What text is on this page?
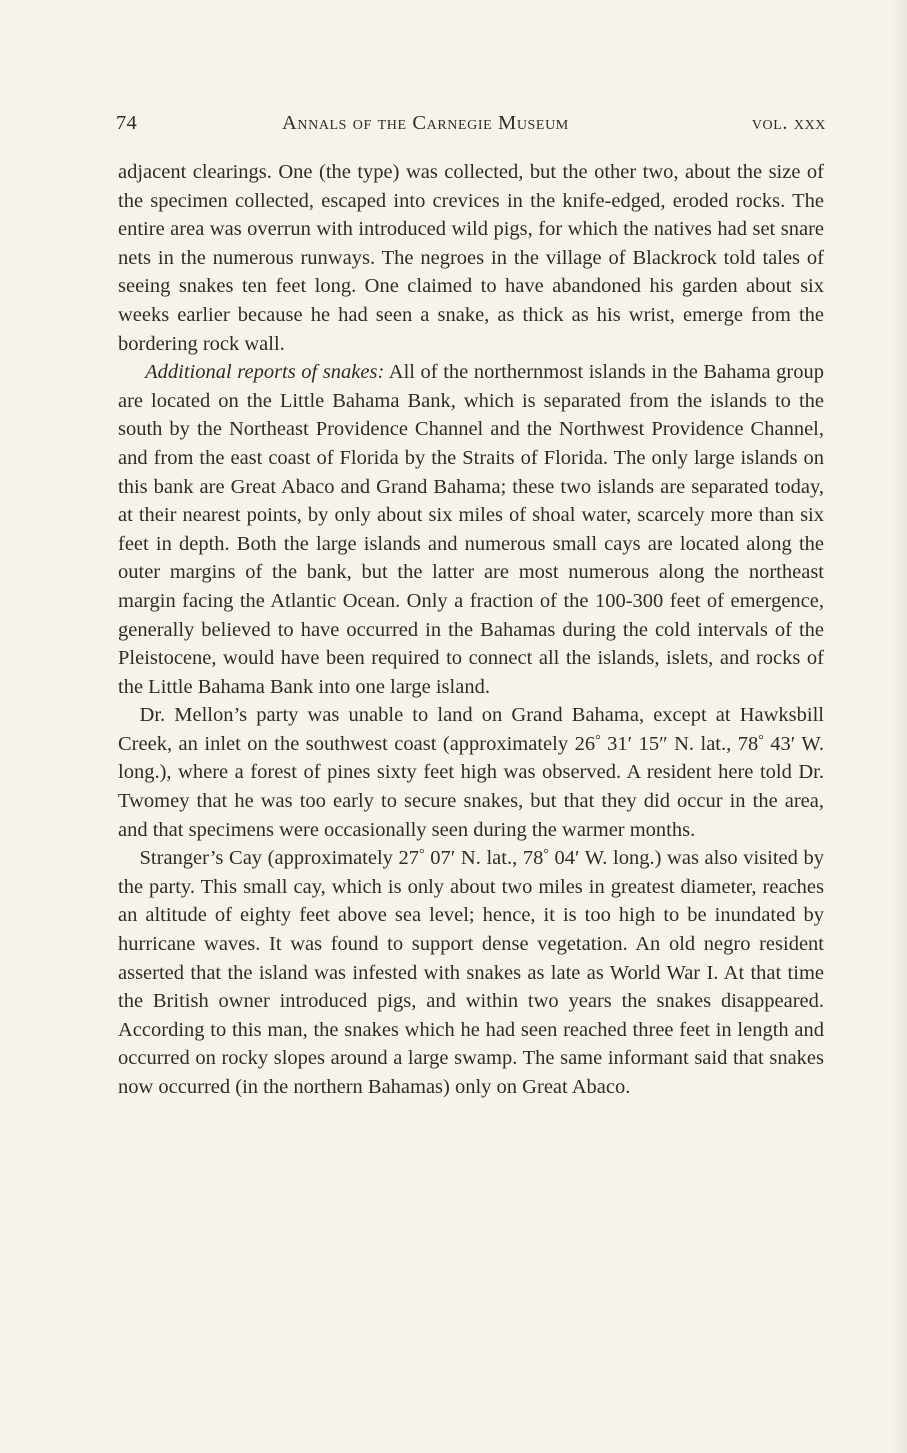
74	Annals of the Carnegie Museum	vol. xxx

adjacent clearings. One (the type) was collected, but the other two, about the size of the specimen collected, escaped into crevices in the knife-edged, eroded rocks. The entire area was overrun with introduced wild pigs, for which the natives had set snare nets in the numerous runways. The negroes in the village of Blackrock told tales of seeing snakes ten feet long. One claimed to have abandoned his garden about six weeks earlier because he had seen a snake, as thick as his wrist, emerge from the bordering rock wall.

Additional reports of snakes: All of the northernmost islands in the Bahama group are located on the Little Bahama Bank, which is separated from the islands to the south by the Northeast Providence Channel and the Northwest Providence Channel, and from the east coast of Florida by the Straits of Florida. The only large islands on this bank are Great Abaco and Grand Bahama; these two islands are separated today, at their nearest points, by only about six miles of shoal water, scarcely more than six feet in depth. Both the large islands and numerous small cays are located along the outer margins of the bank, but the latter are most numerous along the northeast margin facing the Atlantic Ocean. Only a fraction of the 100-300 feet of emergence, generally believed to have occurred in the Bahamas during the cold intervals of the Pleistocene, would have been required to connect all the islands, islets, and rocks of the Little Bahama Bank into one large island.

Dr. Mellon’s party was unable to land on Grand Bahama, except at Hawksbill Creek, an inlet on the southwest coast (approximately 26° 31′ 15″ N. lat., 78° 43′ W. long.), where a forest of pines sixty feet high was observed. A resident here told Dr. Twomey that he was too early to secure snakes, but that they did occur in the area, and that specimens were occasionally seen during the warmer months.

Stranger’s Cay (approximately 27° 07′ N. lat., 78° 04′ W. long.) was also visited by the party. This small cay, which is only about two miles in greatest diameter, reaches an altitude of eighty feet above sea level; hence, it is too high to be inundated by hurricane waves. It was found to support dense vegetation. An old negro resident asserted that the island was infested with snakes as late as World War I. At that time the British owner introduced pigs, and within two years the snakes disappeared. According to this man, the snakes which he had seen reached three feet in length and occurred on rocky slopes around a large swamp. The same informant said that snakes now occurred (in the northern Bahamas) only on Great Abaco.
